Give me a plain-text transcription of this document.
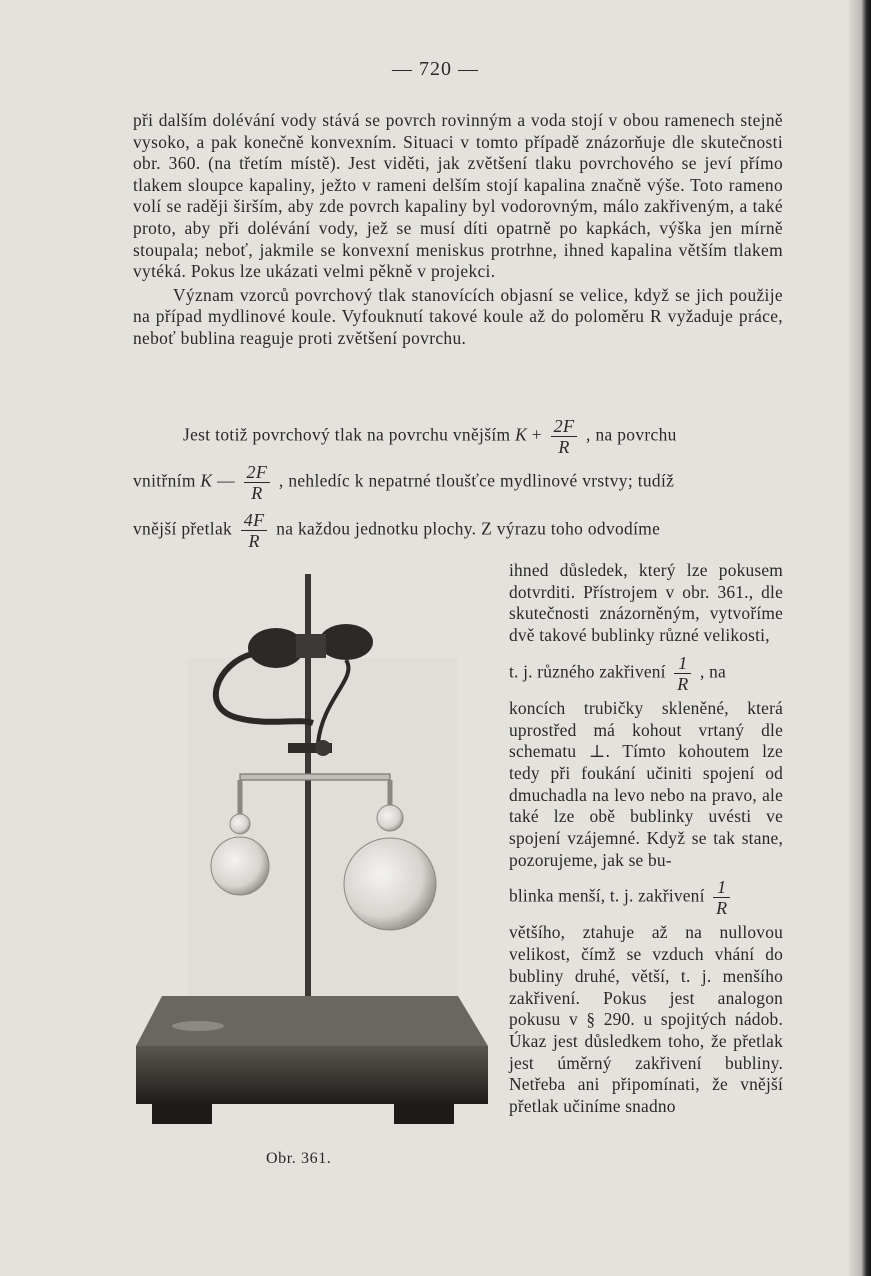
— 720 —

při dalším dolévání vody stává se povrch rovinným a voda stojí v obou ramenech stejně vysoko, a pak konečně konvexním. Situaci v tomto případě znázorňuje dle skutečnosti obr. 360. (na třetím místě). Jest viděti, jak zvětšení tlaku povrchového se jeví přímo tlakem sloupce kapaliny, ježto v rameni delším stojí kapalina značně výše. Toto rameno volí se raději širším, aby zde povrch kapaliny byl vodorovným, málo zakřiveným, a také proto, aby při dolévání vody, jež se musí díti opatrně po kapkách, výška jen mírně stoupala; neboť, jakmile se konvexní meniskus protrhne, ihned kapalina větším tlakem vytéká. Pokus lze ukázati velmi pěkně v projekci.

Význam vzorců povrchový tlak stanovících objasní se velice, když se jich použije na případ mydlinové koule. Vyfouknutí takové koule až do poloměru R vyžaduje práce, neboť bublina reaguje proti zvětšení povrchu.

Jest totiž povrchový tlak na povrchu vnějším $K + \frac{2F}{R}$ , na povrchu
vnitřním K — $\frac{2F}{R}$ , nehledíc k nepatrné tloušťce mydlinové vrstvy; tudíž
vnější přetlak $\frac{4F}{R}$ na každou jednotku plochy. Z výrazu toho odvodíme
Obr. 361.

ihned důsledek, který lze pokusem dotvrditi. Přístrojem v obr. 361., dle skutečnosti znázorněným, vytvoříme dvě takové bublinky různé velikosti,

t. j. různého zakřivení $\frac{1}{R}$ , na

koncích trubičky skleněné, která uprostřed má kohout vrtaný dle schematu ⊥. Tímto kohoutem lze tedy při foukání učiniti spojení od dmuchadla na levo nebo na pravo, ale také lze obě bublinky uvésti ve spojení vzájemné. Když se tak stane, pozorujeme, jak se bu-

blinka menší, t. j. zakřivení $\frac{1}{R}$

většího, ztahuje až na nullovou velikost, čímž se vzduch vhání do bubliny druhé, větší, t. j. menšího zakřivení. Pokus jest analogon pokusu v § 290. u spojitých nádob. Úkaz jest důsledkem toho, že přetlak jest úměrný zakřivení bubliny. Netřeba ani připomínati, že vnější přetlak učiníme snadno
